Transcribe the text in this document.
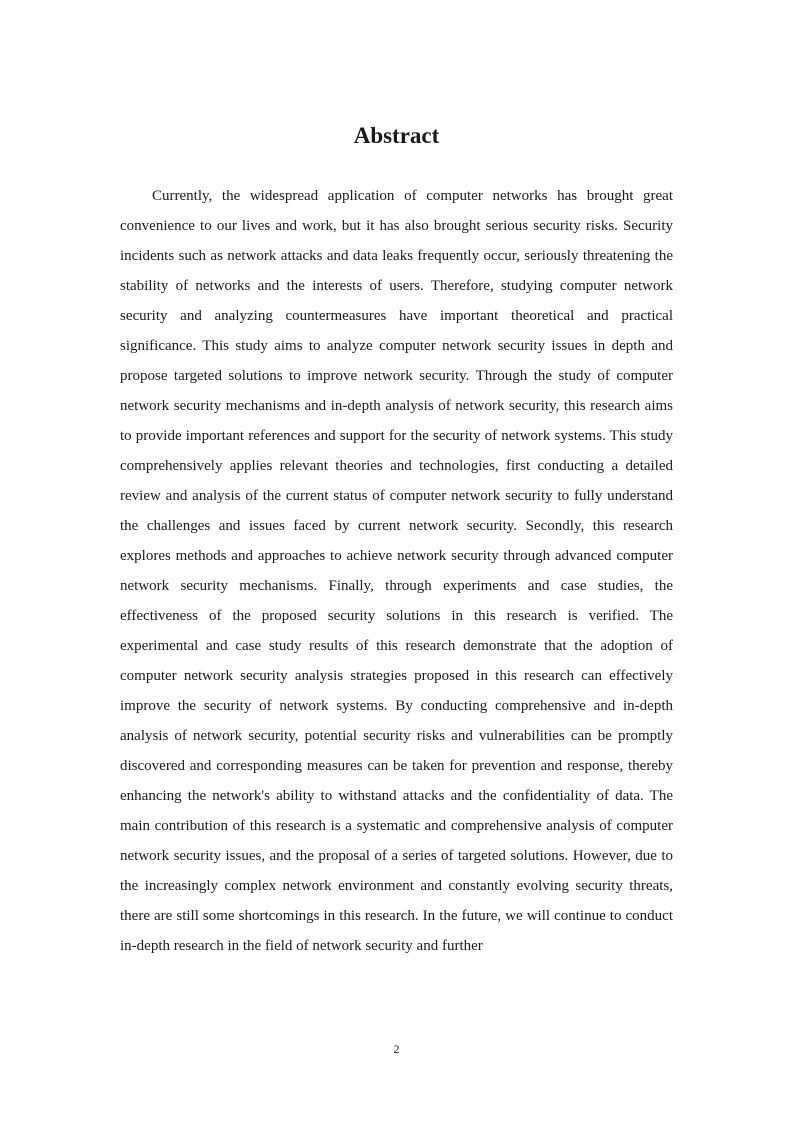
Abstract

Currently, the widespread application of computer networks has brought great convenience to our lives and work, but it has also brought serious security risks. Security incidents such as network attacks and data leaks frequently occur, seriously threatening the stability of networks and the interests of users. Therefore, studying computer network security and analyzing countermeasures have important theoretical and practical significance. This study aims to analyze computer network security issues in depth and propose targeted solutions to improve network security. Through the study of computer network security mechanisms and in-depth analysis of network security, this research aims to provide important references and support for the security of network systems. This study comprehensively applies relevant theories and technologies, first conducting a detailed review and analysis of the current status of computer network security to fully understand the challenges and issues faced by current network security. Secondly, this research explores methods and approaches to achieve network security through advanced computer network security mechanisms. Finally, through experiments and case studies, the effectiveness of the proposed security solutions in this research is verified. The experimental and case study results of this research demonstrate that the adoption of computer network security analysis strategies proposed in this research can effectively improve the security of network systems. By conducting comprehensive and in-depth analysis of network security, potential security risks and vulnerabilities can be promptly discovered and corresponding measures can be taken for prevention and response, thereby enhancing the network's ability to withstand attacks and the confidentiality of data. The main contribution of this research is a systematic and comprehensive analysis of computer network security issues, and the proposal of a series of targeted solutions. However, due to the increasingly complex network environment and constantly evolving security threats, there are still some shortcomings in this research. In the future, we will continue to conduct in-depth research in the field of network security and further

2
